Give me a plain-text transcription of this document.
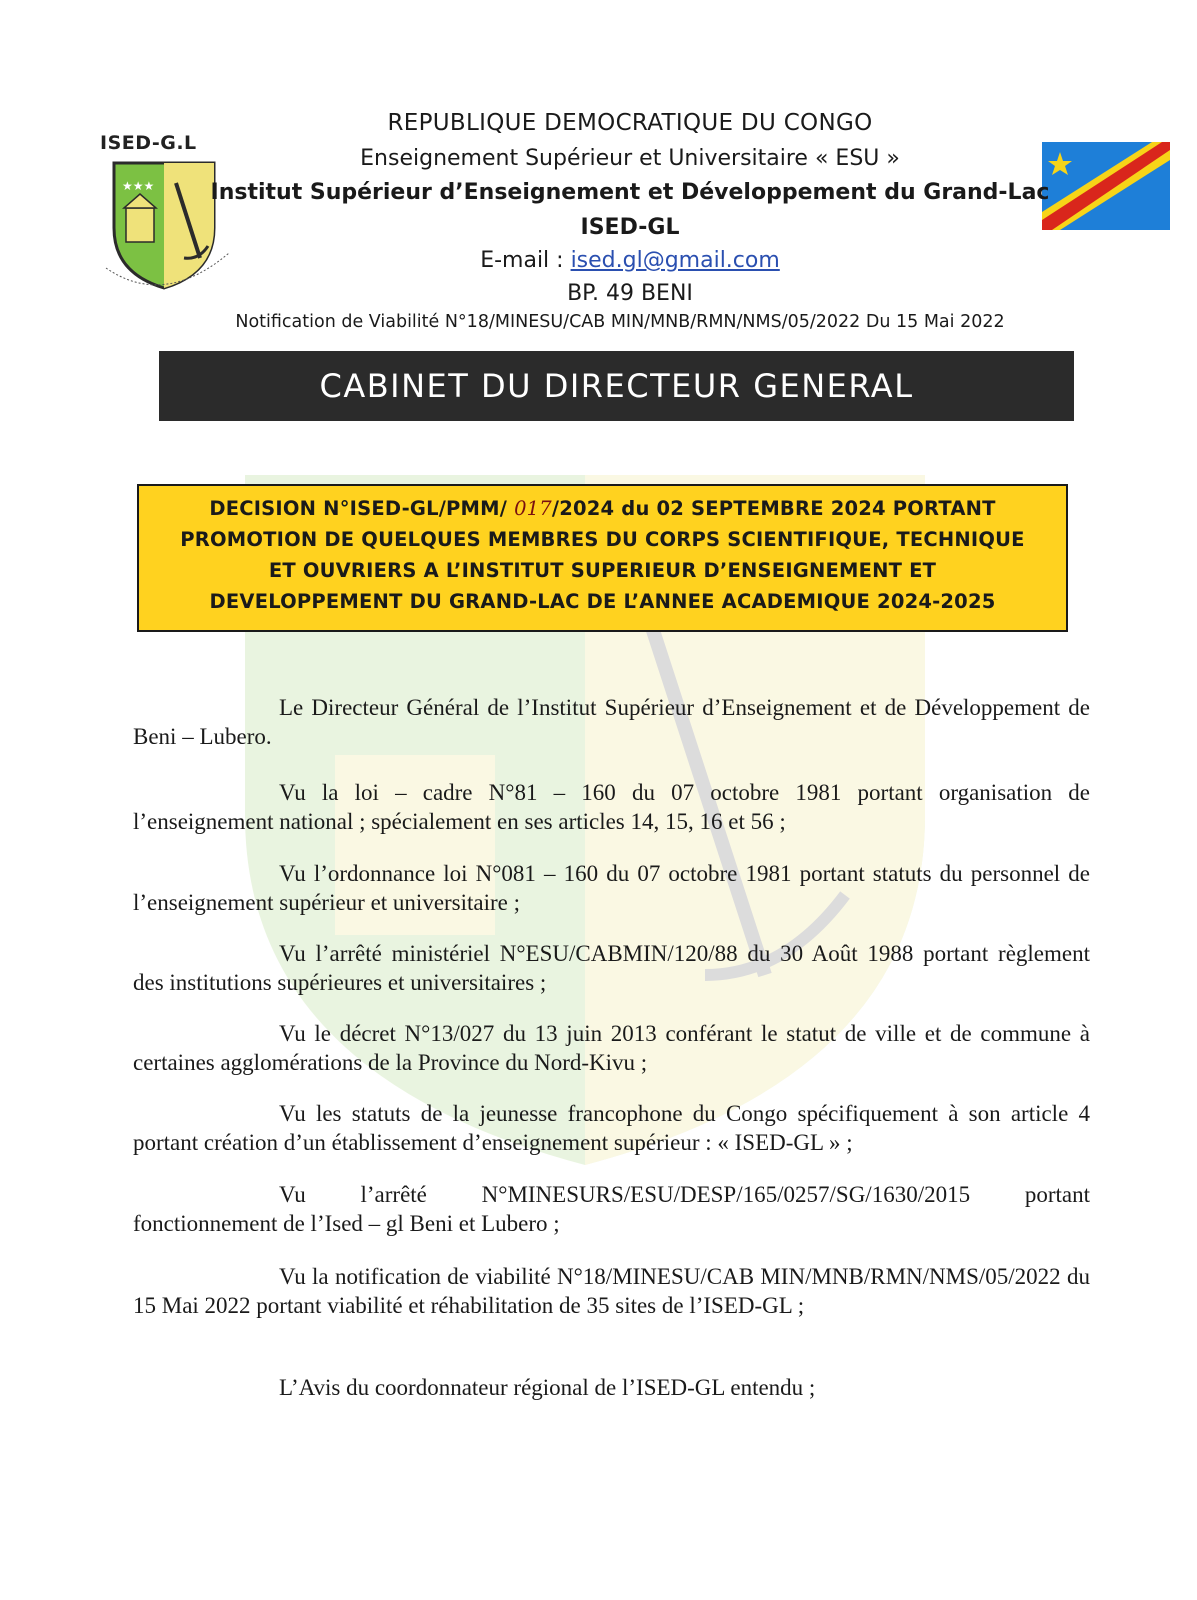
ISED-G.L
★★★
REPUBLIQUE DEMOCRATIQUE DU CONGO
Enseignement Supérieur et Universitaire « ESU »
Institut Supérieur d’Enseignement et Développement du Grand-Lac
ISED-GL
E-mail : ised.gl@gmail.com
BP. 49 BENI
Notification de Viabilité N°18/MINESU/CAB MIN/MNB/RMN/NMS/05/2022 Du 15 Mai 2022
CABINET DU DIRECTEUR GENERAL
DECISION N°ISED-GL/PMM/ 017/2024 du 02 SEPTEMBRE 2024 PORTANT
PROMOTION DE QUELQUES MEMBRES DU CORPS SCIENTIFIQUE, TECHNIQUE
ET OUVRIERS A L’INSTITUT SUPERIEUR D’ENSEIGNEMENT ET
DEVELOPPEMENT DU GRAND-LAC DE L’ANNEE ACADEMIQUE 2024-2025

Le Directeur Général de l’Institut Supérieur d’Enseignement et de Développement de Beni – Lubero.

Vu la loi – cadre N°81 – 160 du 07 octobre 1981 portant organisation de l’enseignement national ; spécialement en ses articles 14, 15, 16 et 56 ;

Vu l’ordonnance loi N°081 – 160 du 07 octobre 1981 portant statuts du personnel de l’enseignement supérieur et universitaire ;

Vu l’arrêté ministériel N°ESU/CABMIN/120/88 du 30 Août 1988 portant règlement des institutions supérieures et universitaires ;

Vu le décret N°13/027 du 13 juin 2013 conférant le statut de ville et de commune à certaines agglomérations de la Province du Nord-Kivu ;

Vu les statuts de la jeunesse francophone du Congo spécifiquement à son article 4 portant création d’un établissement d’enseignement supérieur : « ISED-GL » ;

Vu l’arrêté N°MINESURS/ESU/DESP/165/0257/SG/1630/2015 portant fonctionnement de l’Ised – gl Beni et Lubero ;

Vu la notification de viabilité N°18/MINESU/CAB MIN/MNB/RMN/NMS/05/2022 du 15 Mai 2022 portant viabilité et réhabilitation de 35 sites de l’ISED-GL ;

L’Avis du coordonnateur régional de l’ISED-GL entendu ;
